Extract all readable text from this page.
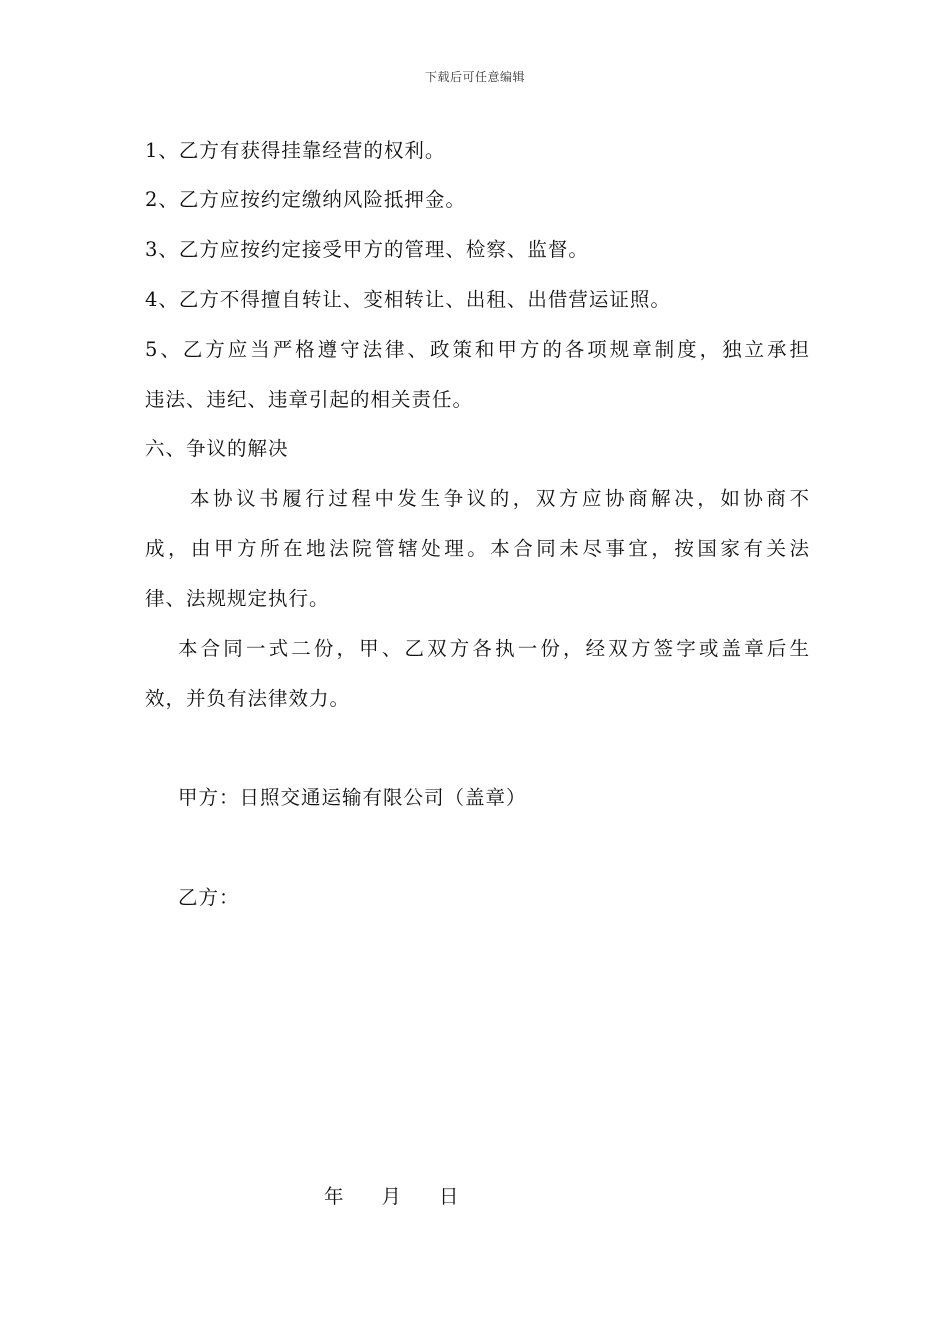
下载后可任意编辑
1、乙方有获得挂靠经营的权利。
2、乙方应按约定缴纳风险抵押金。
3、乙方应按约定接受甲方的管理、检察、监督。
4、乙方不得擅自转让、变相转让、出租、出借营运证照。
5、乙方应当严格遵守法律、政策和甲方的各项规章制度，独立承担
违法、违纪、违章引起的相关责任。
六、争议的解决
本协议书履行过程中发生争议的，双方应协商解决，如协商不
成，由甲方所在地法院管辖处理。本合同未尽事宜，按国家有关法
律、法规规定执行。
本合同一式二份，甲、乙双方各执一份，经双方签字或盖章后生
效，并负有法律效力。
甲方：日照交通运输有限公司（盖章）
乙方：
年 月 日
